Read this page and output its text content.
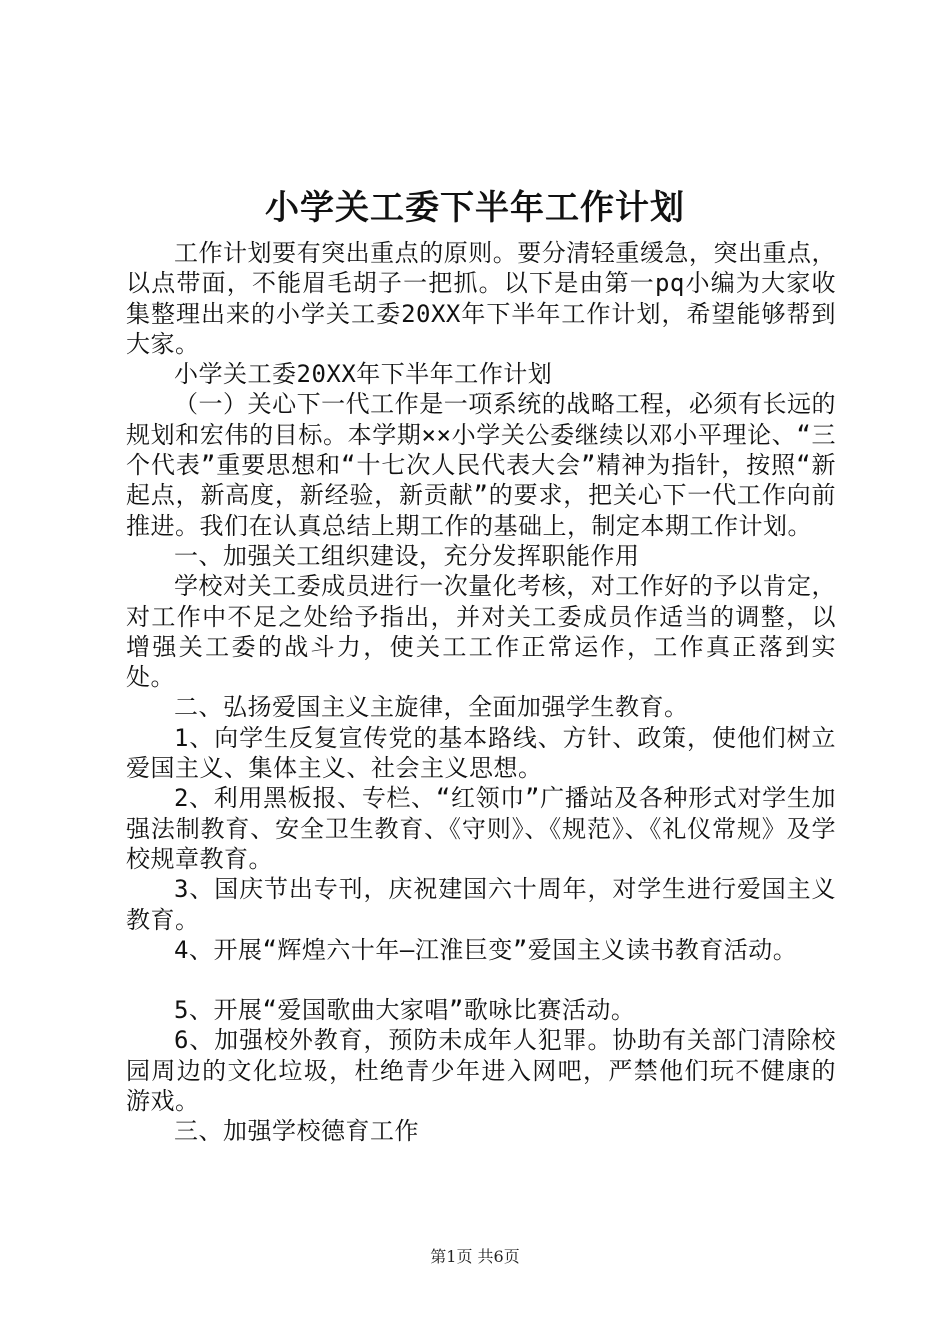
小学关工委下半年工作计划

工作计划要有突出重点的原则。要分清轻重缓急，突出重点，以点带面，不能眉毛胡子一把抓。以下是由第一pq小编为大家收集整理出来的小学关工委20XX年下半年工作计划，希望能够帮到大家。

小学关工委20XX年下半年工作计划

（一）关心下一代工作是一项系统的战略工程，必须有长远的规划和宏伟的目标。本学期××小学关公委继续以邓小平理论、“三个代表”重要思想和“十七次人民代表大会”精神为指针，按照“新起点，新高度，新经验，新贡献”的要求，把关心下一代工作向前推进。我们在认真总结上期工作的基础上，制定本期工作计划。

一、加强关工组织建设，充分发挥职能作用

学校对关工委成员进行一次量化考核，对工作好的予以肯定，对工作中不足之处给予指出，并对关工委成员作适当的调整，以增强关工委的战斗力，使关工工作正常运作，工作真正落到实处。

二、弘扬爱国主义主旋律，全面加强学生教育。

1、向学生反复宣传党的基本路线、方针、政策，使他们树立爱国主义、集体主义、社会主义思想。

2、利用黑板报、专栏、“红领巾”广播站及各种形式对学生加强法制教育、安全卫生教育、《守则》、《规范》、《礼仪常规》及学校规章教育。

3、国庆节出专刊，庆祝建国六十周年，对学生进行爱国主义教育。

4、开展“辉煌六十年—江淮巨变”爱国主义读书教育活动。

5、开展“爱国歌曲大家唱”歌咏比赛活动。

6、加强校外教育，预防未成年人犯罪。协助有关部门清除校园周边的文化垃圾，杜绝青少年进入网吧，严禁他们玩不健康的游戏。

三、加强学校德育工作

第1页 共6页
